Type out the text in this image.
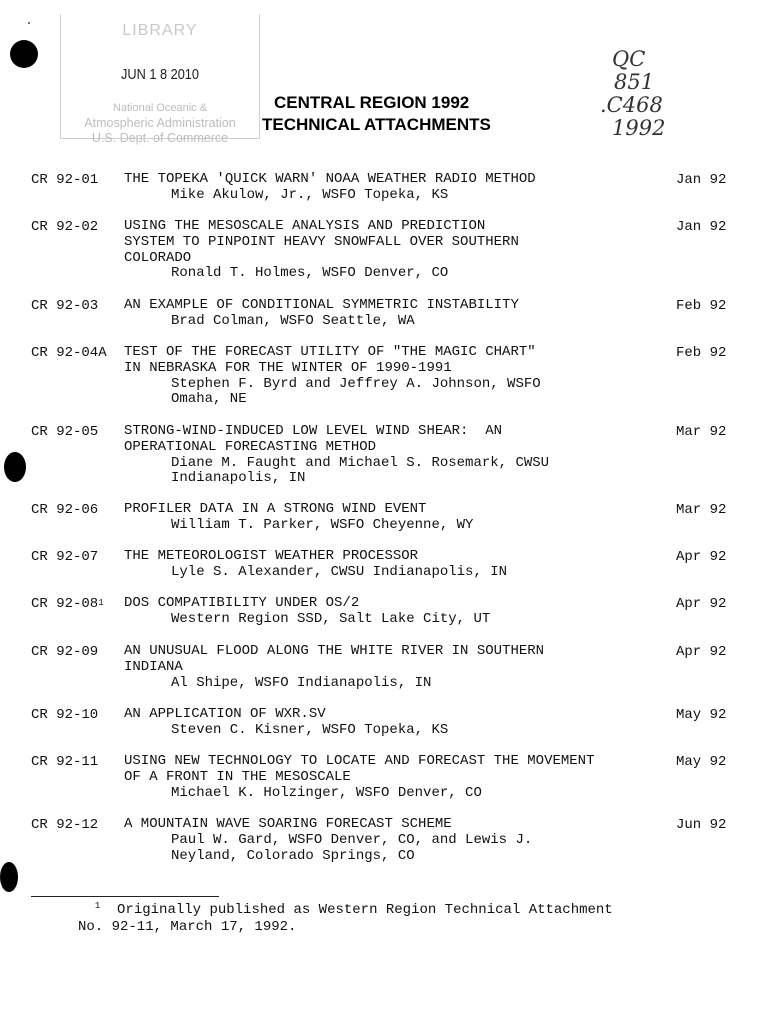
LIBRARY
JUN 1 8 2010
National Oceanic &
Atmospheric Administration
U.S. Dept. of Commerce
QC
851
.C468
1992
CENTRAL REGION 1992
TECHNICAL ATTACHMENTS
CR 92-01 THE TOPEKA 'QUICK WARN' NOAA WEATHER RADIO METHOD
Mike Akulow, Jr., WSFO Topeka, KS
Jan 92
CR 92-02 USING THE MESOSCALE ANALYSIS AND PREDICTION
SYSTEM TO PINPOINT HEAVY SNOWFALL OVER SOUTHERN
COLORADO
Ronald T. Holmes, WSFO Denver, CO
Jan 92
CR 92-03 AN EXAMPLE OF CONDITIONAL SYMMETRIC INSTABILITY
Brad Colman, WSFO Seattle, WA
Feb 92
CR 92-04A TEST OF THE FORECAST UTILITY OF "THE MAGIC CHART"
IN NEBRASKA FOR THE WINTER OF 1990-1991
Stephen F. Byrd and Jeffrey A. Johnson, WSFO
Omaha, NE
Feb 92
CR 92-05 STRONG-WIND-INDUCED LOW LEVEL WIND SHEAR:  AN
OPERATIONAL FORECASTING METHOD
Diane M. Faught and Michael S. Rosemark, CWSU
Indianapolis, IN
Mar 92
CR 92-06 PROFILER DATA IN A STRONG WIND EVENT
William T. Parker, WSFO Cheyenne, WY
Mar 92
CR 92-07 THE METEOROLOGIST WEATHER PROCESSOR
Lyle S. Alexander, CWSU Indianapolis, IN
Apr 92
CR $92-08^1$ DOS COMPATIBILITY UNDER OS/2
Western Region SSD, Salt Lake City, UT
Apr 92
CR 92-09 AN UNUSUAL FLOOD ALONG THE WHITE RIVER IN SOUTHERN
INDIANA
Al Shipe, WSFO Indianapolis, IN
Apr 92
CR 92-10 AN APPLICATION OF WXR.SV
Steven C. Kisner, WSFO Topeka, KS
May 92
CR 92-11 USING NEW TECHNOLOGY TO LOCATE AND FORECAST THE MOVEMENT
OF A FRONT IN THE MESOSCALE
Michael K. Holzinger, WSFO Denver, CO
May 92
CR 92-12 A MOUNTAIN WAVE SOARING FORECAST SCHEME
Paul W. Gard, WSFO Denver, CO, and Lewis J.
Neyland, Colorado Springs, CO
Jun 92
$^1$ Originally published as Western Region Technical Attachment
No. 92-11, March 17, 1992.
